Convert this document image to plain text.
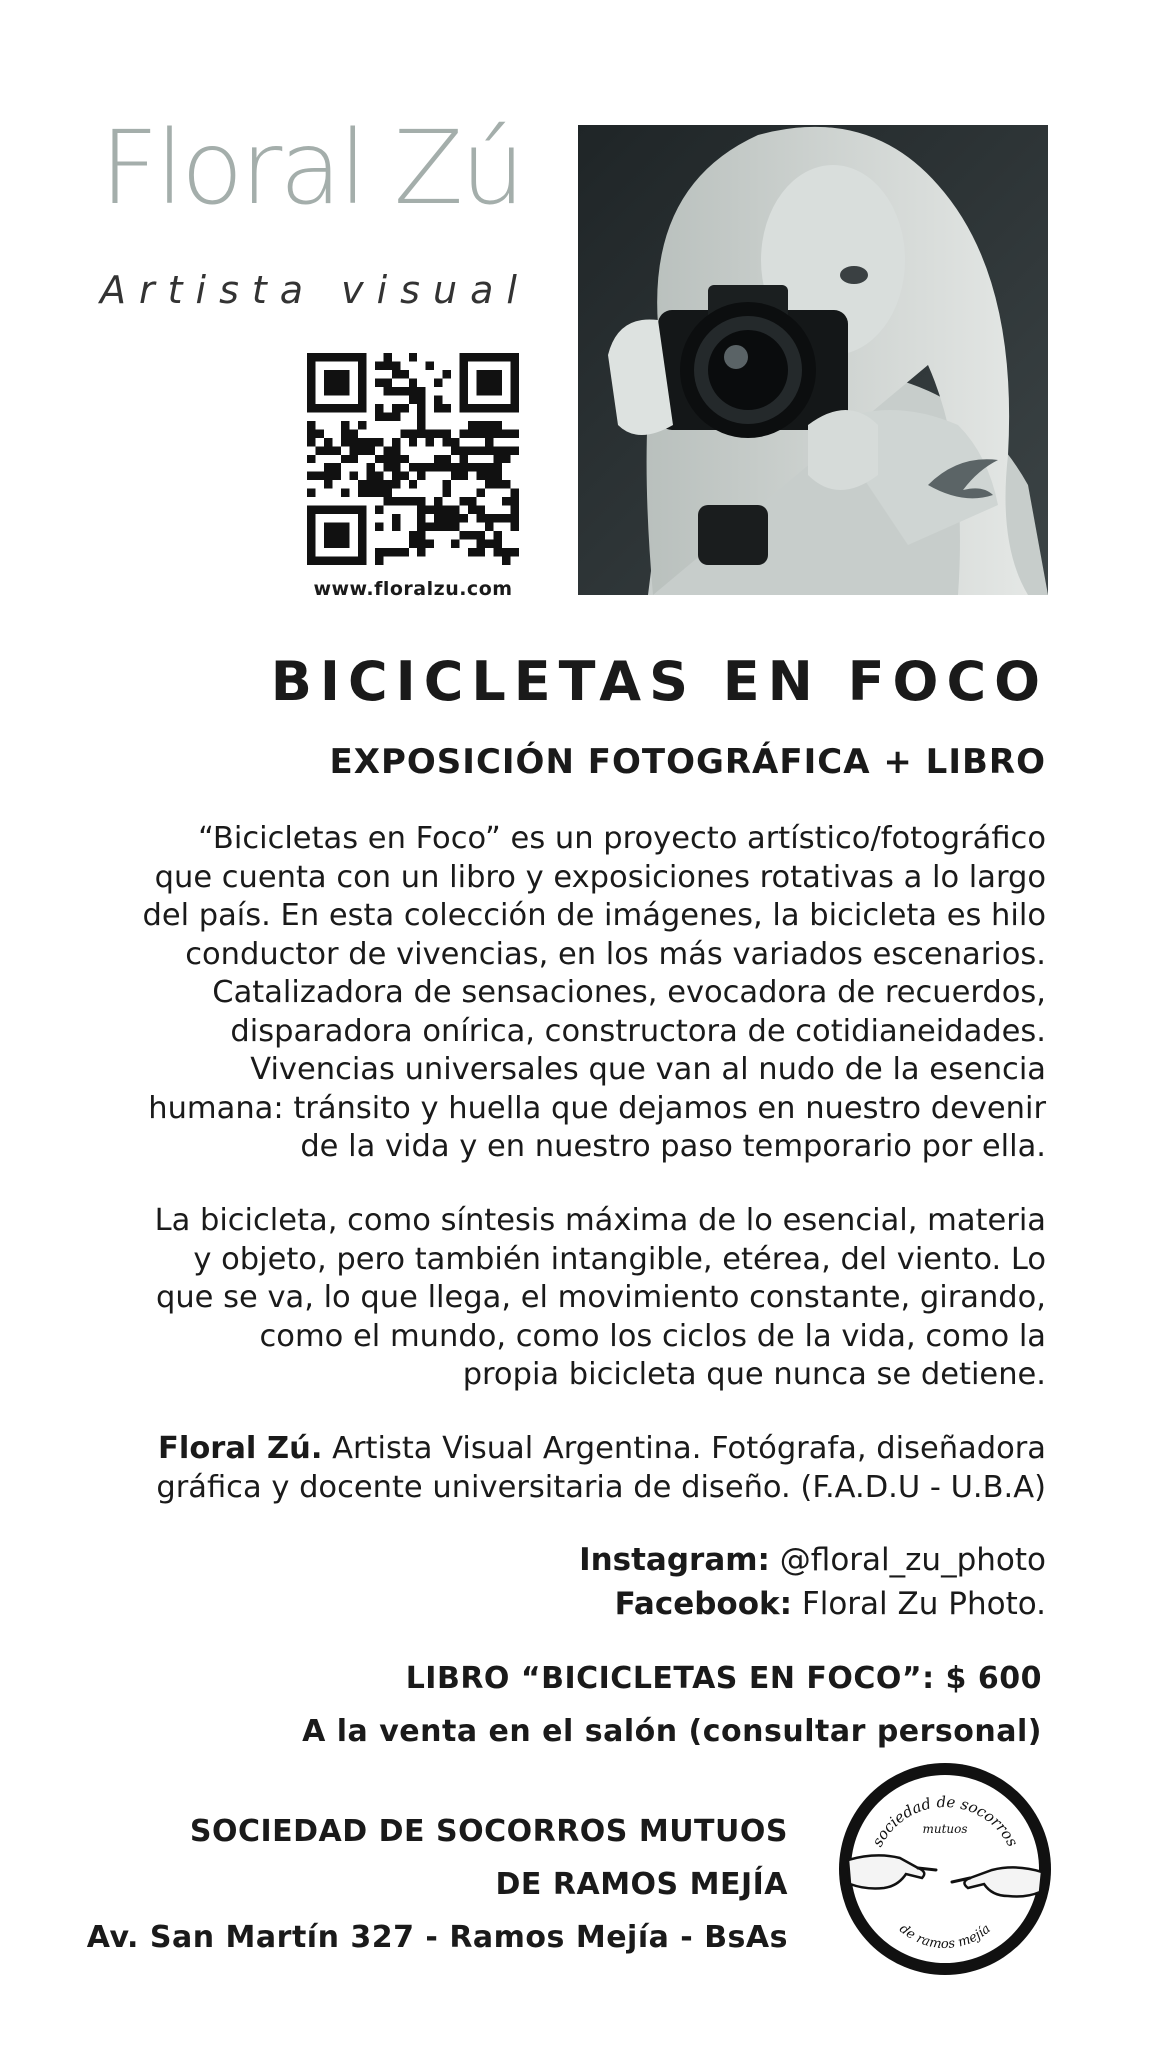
Floral Zú
Artista visual
www.floralzu.com
BICICLETAS EN FOCO
EXPOSICIÓN FOTOGRÁFICA + LIBRO
“Bicicletas en Foco” es un proyecto artístico/fotográfico
que cuenta con un libro y exposiciones rotativas a lo largo
del país. En esta colección de imágenes, la bicicleta es hilo
conductor de vivencias, en los más variados escenarios.
Catalizadora de sensaciones, evocadora de recuerdos,
disparadora onírica, constructora de cotidianeidades.
Vivencias universales que van al nudo de la esencia
humana: tránsito y huella que dejamos en nuestro devenir
de la vida y en nuestro paso temporario por ella.
La bicicleta, como síntesis máxima de lo esencial, materia
y objeto, pero también intangible, etérea, del viento. Lo
que se va, lo que llega, el movimiento constante, girando,
como el mundo, como los ciclos de la vida, como la
propia bicicleta que nunca se detiene.
Floral Zú. Artista Visual Argentina. Fotógrafa, diseñadora
gráfica y docente universitaria de diseño. (F.A.D.U - U.B.A)
Instagram: @floral_zu_photo
Facebook: Floral Zu Photo.
LIBRO “BICICLETAS EN FOCO”: $ 600
A la venta en el salón (consultar personal)
SOCIEDAD DE SOCORROS MUTUOS
DE RAMOS MEJÍA
Av. San Martín 327 - Ramos Mejía - BsAs
sociedad de socorros
mutuos
de ramos mejía
